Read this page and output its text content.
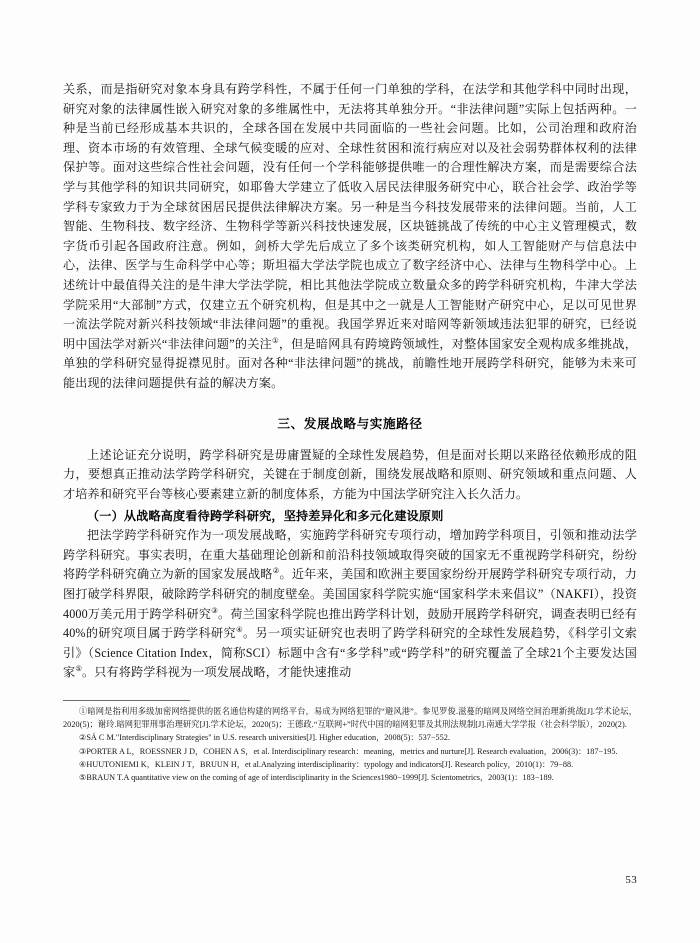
关系，而是指研究对象本身具有跨学科性，不属于任何一门单独的学科，在法学和其他学科中同时出现，研究对象的法律属性嵌入研究对象的多维属性中，无法将其单独分开。“非法律问题”实际上包括两种。一种是当前已经形成基本共识的，全球各国在发展中共同面临的一些社会问题。比如，公司治理和政府治理、资本市场的有效管理、全球气候变暖的应对、全球性贫困和流行病应对以及社会弱势群体权利的法律保护等。面对这些综合性社会问题，没有任何一个学科能够提供唯一的合理性解决方案，而是需要综合法学与其他学科的知识共同研究，如耶鲁大学建立了低收入居民法律服务研究中心，联合社会学、政治学等学科专家致力于为全球贫困居民提供法律解决方案。另一种是当今科技发展带来的法律问题。当前，人工智能、生物科技、数字经济、生物科学等新兴科技快速发展，区块链挑战了传统的中心主义管理模式，数字货币引起各国政府注意。例如，剑桥大学先后成立了多个该类研究机构，如人工智能财产与信息法中心，法律、医学与生命科学中心等；斯坦福大学法学院也成立了数字经济中心、法律与生物科学中心。上述统计中最值得关注的是牛津大学法学院，相比其他法学院成立数量众多的跨学科研究机构，牛津大学法学院采用“大部制”方式，仅建立五个研究机构，但是其中之一就是人工智能财产研究中心，足以可见世界一流法学院对新兴科技领域“非法律问题”的重视。我国学界近来对暗网等新领域违法犯罪的研究，已经说明中国法学对新兴“非法律问题”的关注①，但是暗网具有跨境跨领域性，对整体国家安全观构成多维挑战，单独的学科研究显得捉襟见肘。面对各种“非法律问题”的挑战，前瞻性地开展跨学科研究，能够为未来可能出现的法律问题提供有益的解决方案。

三、发展战略与实施路径

上述论证充分说明，跨学科研究是毋庸置疑的全球性发展趋势，但是面对长期以来路径依赖形成的阻力，要想真正推动法学跨学科研究，关键在于制度创新，围绕发展战略和原则、研究领域和重点问题、人才培养和研究平台等核心要素建立新的制度体系，方能为中国法学研究注入长久活力。

（一）从战略高度看待跨学科研究，坚持差异化和多元化建设原则

把法学跨学科研究作为一项发展战略，实施跨学科研究专项行动，增加跨学科项目，引领和推动法学跨学科研究。事实表明，在重大基础理论创新和前沿科技领域取得突破的国家无不重视跨学科研究，纷纷将跨学科研究确立为新的国家发展战略②。近年来，美国和欧洲主要国家纷纷开展跨学科研究专项行动，力图打破学科界限，破除跨学科研究的制度壁垒。美国国家科学院实施“国家科学未来倡议”（NAKFI），投资4000万美元用于跨学科研究③。荷兰国家科学院也推出跨学科计划，鼓励开展跨学科研究，调查表明已经有40%的研究项目属于跨学科研究④。另一项实证研究也表明了跨学科研究的全球性发展趋势，《科学引文索引》（Science Citation Index，简称SCI）标题中含有“多学科”或“跨学科”的研究覆盖了全球21个主要发达国家⑤。只有将跨学科视为一项发展战略，才能快速推动

①暗网是指利用多级加密网络提供的匿名通信构建的网络平台，易成为网络犯罪的“避风港”。参见罗俊.滋蔓的暗网及网络空间治理新挑战[J].学术论坛，2020(5)；谢玲.暗网犯罪刑事治理研究[J].学术论坛，2020(5)；王德政.“互联网+”时代中国的暗网犯罪及其刑法规制[J].南通大学学报（社会科学版），2020(2).

②SÁ C M."Interdisciplinary Strategies" in U.S. research universities[J]. Higher education，2008(5)：537−552.

③PORTER A L，ROESSNER J D，COHEN A S，et al. Interdisciplinary research：meaning，metrics and nurture[J]. Research evaluation，2006(3)：187−195.

④HUUTONIEMI K，KLEIN J T，BRUUN H，et al.Analyzing interdisciplinarity：typology and indicators[J]. Research policy，2010(1)：79−88.

⑤BRAUN T.A quantitative view on the coming of age of interdisciplinarity in the Sciences1980−1999[J]. Scientometrics，2003(1)：183−189.

53
